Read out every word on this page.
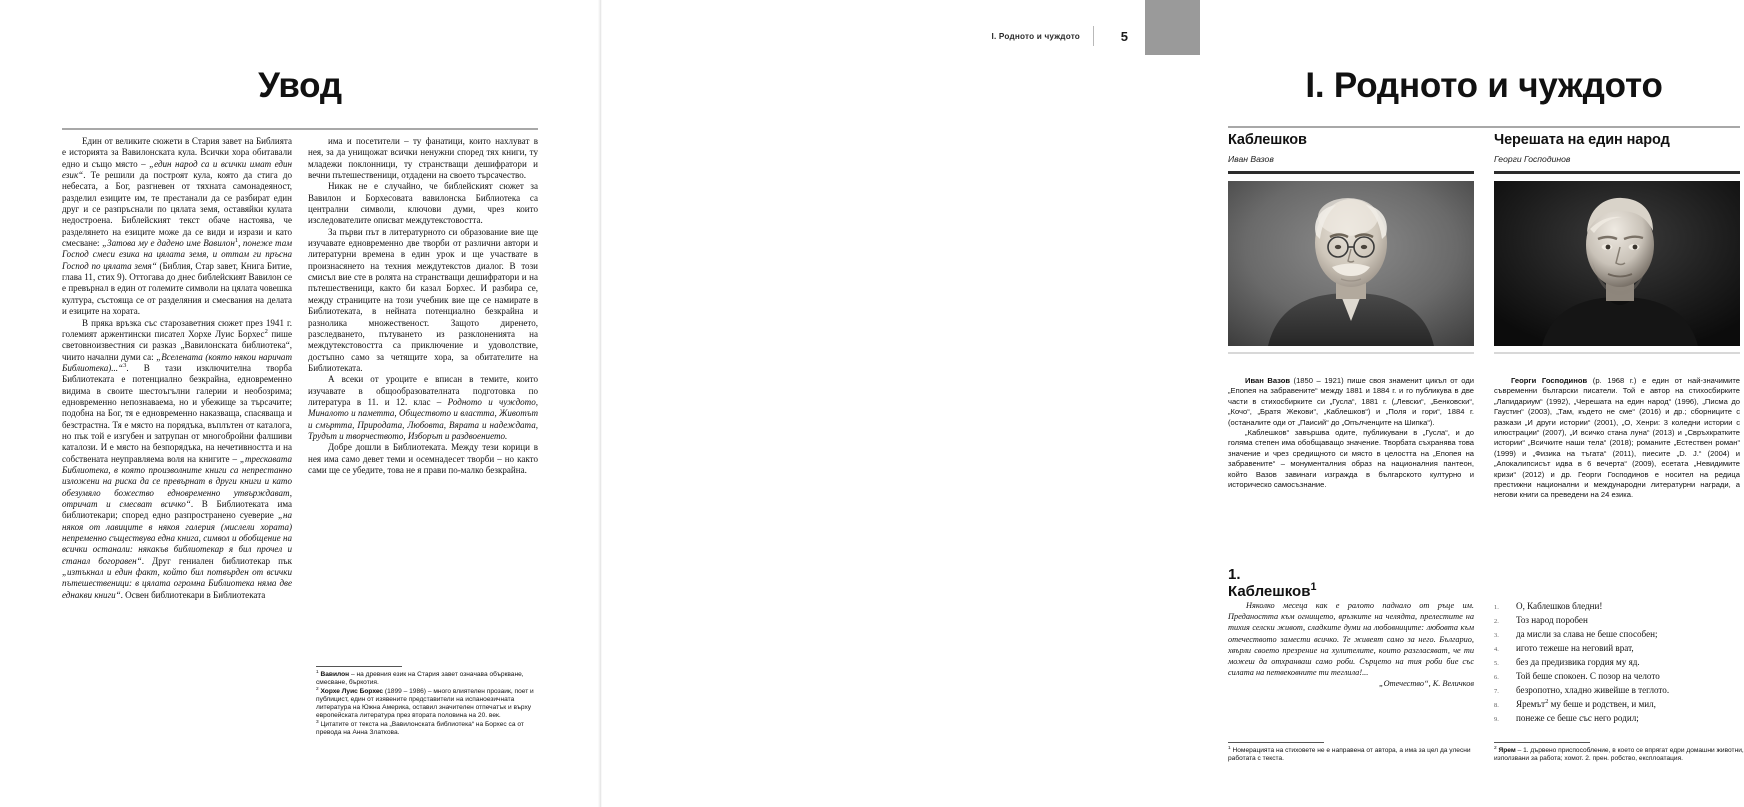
Увод

Един от великите сюжети в Стария завет на Библията е историята за Вавилонската кула. Всички хора обитавали едно и също място – „един народ са и всички имат един език“. Те решили да построят кула, която да стига до небесата, а Бог, разгневен от тяхната самонадеяност, разделил езиците им, те престанали да се разбират един друг и се разпръснали по цялата земя, оставяйки кулата недостроена. Библейският текст обаче настоява, че разделянето на езиците може да се види и изрази и като смесване: „Затова му е дадено име Вавилон$^1$, понеже там Господ смеси езика на цялата земя, и оттам ги пръсна Господ по цялата земя“ (Библия, Стар завет, Книга Битие, глава 11, стих 9). Оттогава до днес библейският Вавилон се е превърнал в един от големите символи на цялата човешка култура, състояща се от разделяния и смесвания на делата и езиците на хората.

В пряка връзка със старозаветния сюжет през 1941 г. големият аржентински писател Хорхе Луис Борхес$^2$ пише световноизвестния си разказ „Вавилонската библиотека“, чиито начални думи са: „Вселената (която някои наричат Библиотека)...“$^3$. В тази изключителна творба Библиотеката е потенциално безкрайна, едновременно видима в своите шестоъгълни галерии и необозрима; едновременно непознаваема, но и убежище за търсачите; подобна на Бог, тя е едновременно наказваща, спасяваща и безстрастна. Тя е място на порядъка, въплътен от каталога, но пък той е изгубен и затрупан от многобройни фалшиви каталози. И е място на безпорядъка, на нечетивността и на собствената неуправляема воля на книгите – „трескавата Библиотека, в която произволните книги са непрестанно изложени на риска да се превърнат в други книги и като обезумяло божество едновременно утвърждават, отричат и смесват всичко“. В Библиотеката има библиотекари; според едно разпространено суеверие „на някоя от лавиците в някоя галерия (мислели хората) непременно съществува една книга, символ и обобщение на всички останали: някакъв библиотекар я бил прочел и станал богоравен“. Друг гениален библиотекар пък „изтъкнал и един факт, който бил потвърден от всички пътешественици: в цялата огромна Библиотека няма две еднакви книги“. Освен библиотекари в Библиотеката

има и посетители – ту фанатици, които нахлуват в нея, за да унищожат всички ненужни според тях книги, ту младежи поклонници, ту странстващи дешифратори и вечни пътешественици, отдадени на своето търсачество.

Никак не е случайно, че библейският сюжет за Вавилон и Борхесовата вавилонска Библиотека са централни символи, ключови думи, чрез които изследователите описват междутекстовостта.

За първи път в литературното си образование вие ще изучавате едновременно две творби от различни автори и литературни времена в един урок и ще участвате в произнасянето на техния междутекстов диалог. В този смисъл вие сте в ролята на странстващи дешифратори и на пътешественици, както би казал Борхес. И разбира се, между страниците на този учебник вие ще се намирате в Библиотеката, в нейната потенциално безкрайна и разнолика множественост. Защото диренето, разследването, пътуването из разклоненията на междутекстовостта са приключение и удоволствие, достъпно само за четящите хора, за обитателите на Библиотеката.

А всеки от уроците е вписан в темите, които изучавате в общообразователната подготовка по литература в 11. и 12. клас – Родното и чуждото, Миналото и паметта, Обществото и властта, Животът и смъртта, Природата, Любовта, Вярата и надеждата, Трудът и творчеството, Изборът и раздвоението.

Добре дошли в Библиотеката. Между тези корици в нея има само девет теми и осемнадесет творби – но както сами ще се убедите, това не я прави по-малко безкрайна.

$^1$ Вавилон – на древния език на Стария завет означава объркване, смесване, бъркотия.
$^2$ Хорхе Луис Борхес (1899 – 1986) – много влиятелен прозаик, поет и публицист, един от изявените представители на испаноезичната литература на Южна Америка, оставил значителен отпечатък и върху европейската литература през втората половина на 20. век.
$^3$ Цитатите от текста на „Вавилонската библиотека“ на Борхес са от превода на Анна Златкова.
I. Родното и чуждото	5
I. Родното и чуждото
Каблешков
Иван Вазов
Черешата на един народ
Георги Господинов

Иван Вазов (1850 – 1921) пише своя знаменит цикъл от оди „Епопея на забравените“ между 1881 и 1884 г. и го публикува в две части в стихосбирките си „Гусла“, 1881 г. („Левски“, „Бенковски“, „Кочо“, „Братя Жекови“, „Каблешков“) и „Поля и гори“, 1884 г. (останалите оди от „Паисий“ до „Опълченците на Шипка“).

„Каблешков“ завършва одите, публикувани в „Гусла“, и до голяма степен има обобщаващо значение. Творбата съхранява това значение и чрез средищното си място в целостта на „Епопея на забравените“ – монументалния образ на националния пантеон, който Вазов завинаги изгражда в българското културно и историческо самосъзнание.

Георги Господинов (р. 1968 г.) е един от най-значимите съвременни български писатели. Той е автор на стихосбирките „Лапидариум“ (1992), „Черешата на един народ“ (1996), „Писма до Гаустин“ (2003), „Там, където не сме“ (2016) и др.; сборниците с разкази „И други истории“ (2001), „О, Хенри: 3 коледни истории с илюстрации“ (2007), „И всичко стана луна“ (2013) и „Свръхкратките истории“ „Всичките наши тела“ (2018); романите „Естествен роман“ (1999) и „Физика на тъгата“ (2011), пиесите „D. J.“ (2004) и „Апокалипсисът идва в 6 вечерта“ (2009), есетата „Невидимите кризи“ (2012) и др. Георги Господинов е носител на редица престижни национални и международни литературни награди, а негови книги са преведени на 24 езика.

1. Каблешков$^1$

Няколко месеца как е ралото паднало от ръце им. Предаността към огнището, връзките на челядта, прелестите на тихия селски живот, сладките думи на любовниците: любовта към отечеството замести всичко. Те живеят само за него. Българио, хвърли своето презрение на хулителите, които разгласяват, че ти можеш да отхранваш само роби. Сърцето на тия роби бие със силата на петвековните ти теглила!...

„Отечество“, К. Величков
1.	О, Каблешков бледни!
2.	Тоз народ поробен
3.	да мисли за слава не беше способен;
4.	игото тежеше на неговий врат,
5.	без да предизвика гордия му яд.
6.	Той беше спокоен. С позор на челото
7.	безропотно, хладно живейше в теглото.
8.	Яремът$^2$ му беше и родствен, и мил,
9.	понеже се беше със него родил;
$^1$ Номерацията на стиховете не е направена от автора, а има за цел да улесни работата с текста.
$^2$ Ярем – 1. дървено приспособление, в което се впрягат едри домашни животни, използвани за работа; хомот. 2. прен. робство, експлоатация.
